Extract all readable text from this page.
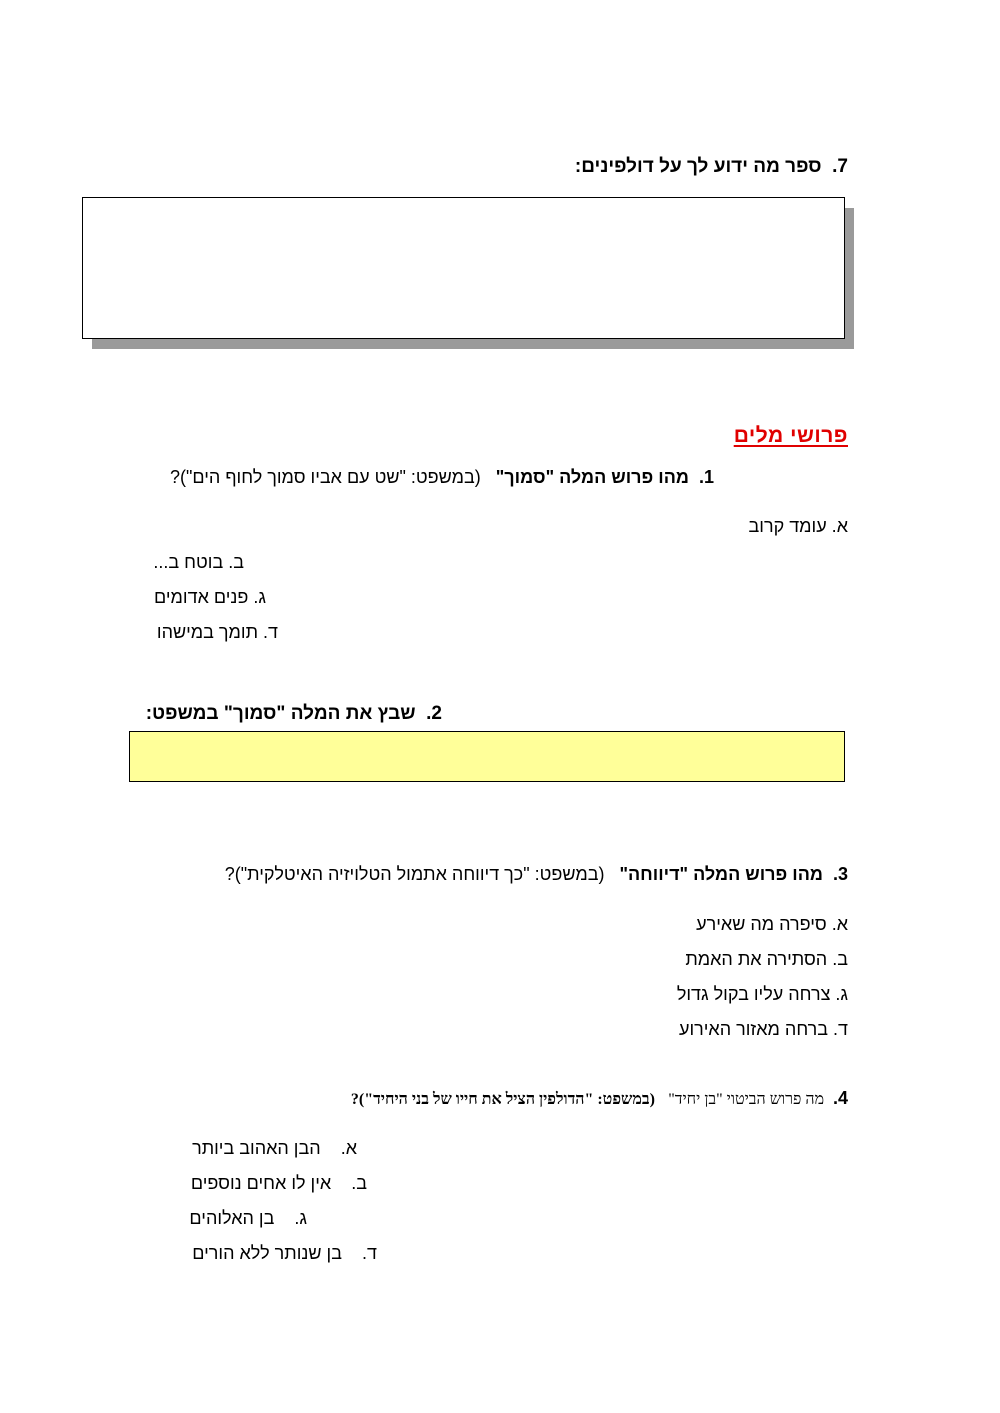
7.  ספר מה ידוע לך על דולפינים:
פרושי מלים
1.  מהו פרוש המלה "סמוך"   (במשפט: "שט עם אביו סמוך לחוף הים")?
א. עומד קרוב
ב. בוטח ב...
ג. פנים אדומים
ד. תומך במישהו
2.  שבץ את המלה "סמוך" במשפט:
3.  מהו פרוש המלה "דיווחה"   (במשפט: "כך דיווחה אתמול הטלויזיה האיטלקית")?
א. סיפרה מה שאירע
ב. הסתירה את האמת
ג. צרחה עליו בקול גדול
ד. ברחה מאזור האירוע
4.  מה פרוש הביטוי "בן יחיד"   (במשפט: "הדולפין הציל את חייו של בני היחיד")?
א.    הבן האהוב ביותר
ב.    אין לו אחים נוספים
ג.    בן האלוהים
ד.    בן שנותר ללא הורים
